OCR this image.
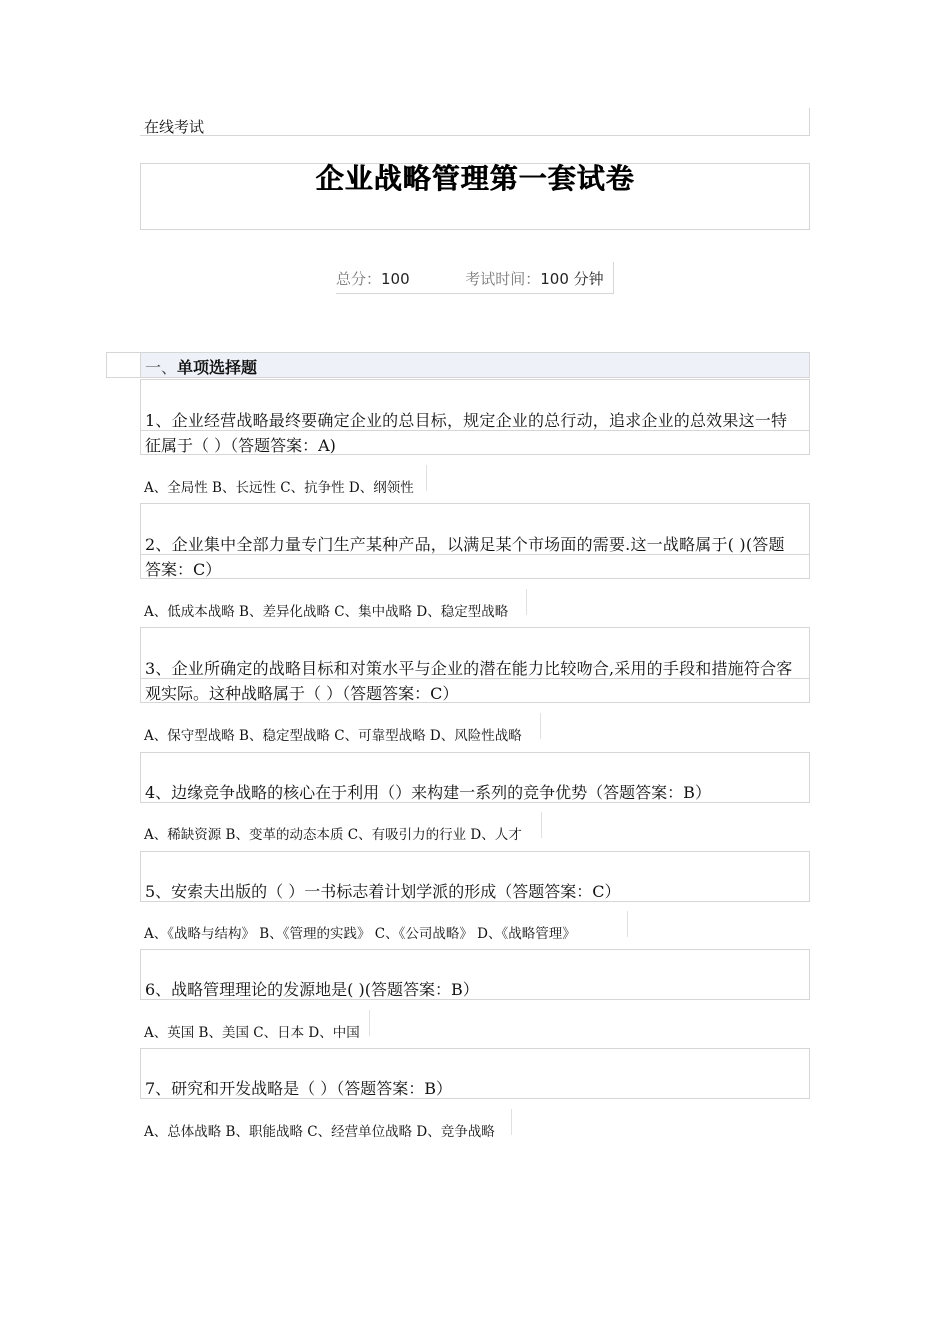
在线考试
企业战略管理第一套试卷
总分：100	考试时间：100 分钟
一、单项选择题
1、企业经营战略最终要确定企业的总目标，规定企业的总行动，追求企业的总效果这一特
征属于（ ）（答题答案：A)
A、全局性 B、长远性 C、抗争性 D、纲领性
2、企业集中全部力量专门生产某种产品，以满足某个市场面的需要.这一战略属于( )(答题
答案：C）
A、低成本战略 B、差异化战略 C、集中战略 D、稳定型战略
3、企业所确定的战略目标和对策水平与企业的潜在能力比较吻合,采用的手段和措施符合客
观实际。这种战略属于（ ）（答题答案：C）
A、保守型战略 B、稳定型战略 C、可靠型战略 D、风险性战略
4、边缘竞争战略的核心在于利用（）来构建一系列的竞争优势（答题答案：B）
A、稀缺资源 B、变革的动态本质 C、有吸引力的行业 D、人才
5、安索夫出版的（ ）一书标志着计划学派的形成（答题答案：C）
A、《战略与结构》 B、《管理的实践》 C、《公司战略》 D、《战略管理》
6、战略管理理论的发源地是( )(答题答案：B）
A、英国 B、美国 C、日本 D、中国
7、研究和开发战略是（ ）（答题答案：B）
A、总体战略 B、职能战略 C、经营单位战略 D、竞争战略
